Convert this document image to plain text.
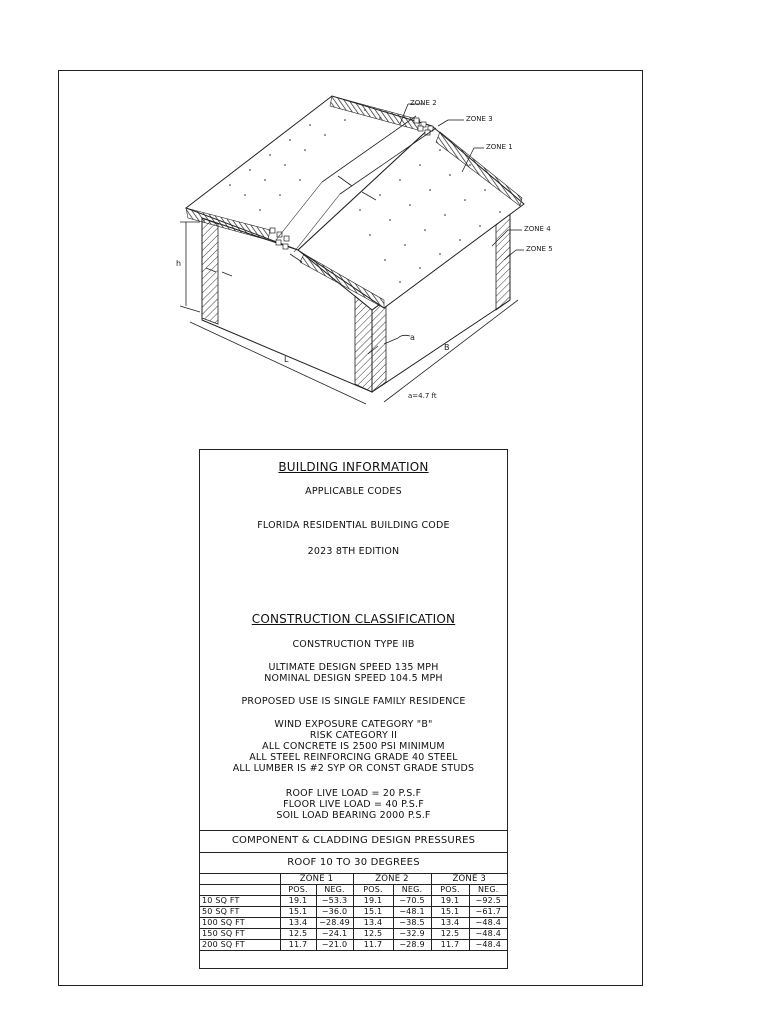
ZONE 2
ZONE 3
ZONE 1
ZONE 4
ZONE 5
h
L
B
a
a=4.7 ft
BUILDING INFORMATION
APPLICABLE CODES
FLORIDA RESIDENTIAL BUILDING CODE
2023 8TH EDITION
CONSTRUCTION CLASSIFICATION
CONSTRUCTION TYPE IIB
ULTIMATE DESIGN SPEED 135 MPH
NOMINAL DESIGN SPEED 104.5 MPH
PROPOSED USE IS SINGLE FAMILY RESIDENCE
WIND EXPOSURE CATEGORY "B"
RISK CATEGORY II
ALL CONCRETE IS 2500 PSI MINIMUM
ALL STEEL REINFORCING GRADE 40 STEEL
ALL LUMBER IS #2 SYP OR CONST GRADE STUDS
ROOF LIVE LOAD = 20 P.S.F
FLOOR LIVE LOAD = 40 P.S.F
SOIL LOAD BEARING 2000 P.S.F
COMPONENT & CLADDING DESIGN PRESSURES
ROOF 10 TO 30 DEGREES
	ZONE 1		ZONE 2		ZONE 3	
	POS.	NEG.	POS.	NEG.	POS.	NEG.
10 SQ FT	19.1	−53.3	19.1	−70.5	19.1	−92.5
50 SQ FT	15.1	−36.0	15.1	−48.1	15.1	−61.7
100 SQ FT	13.4	−28.49	13.4	−38.5	13.4	−48.4
150 SQ FT	12.5	−24.1	12.5	−32.9	12.5	−48.4
200 SQ FT	11.7	−21.0	11.7	−28.9	11.7	−48.4
